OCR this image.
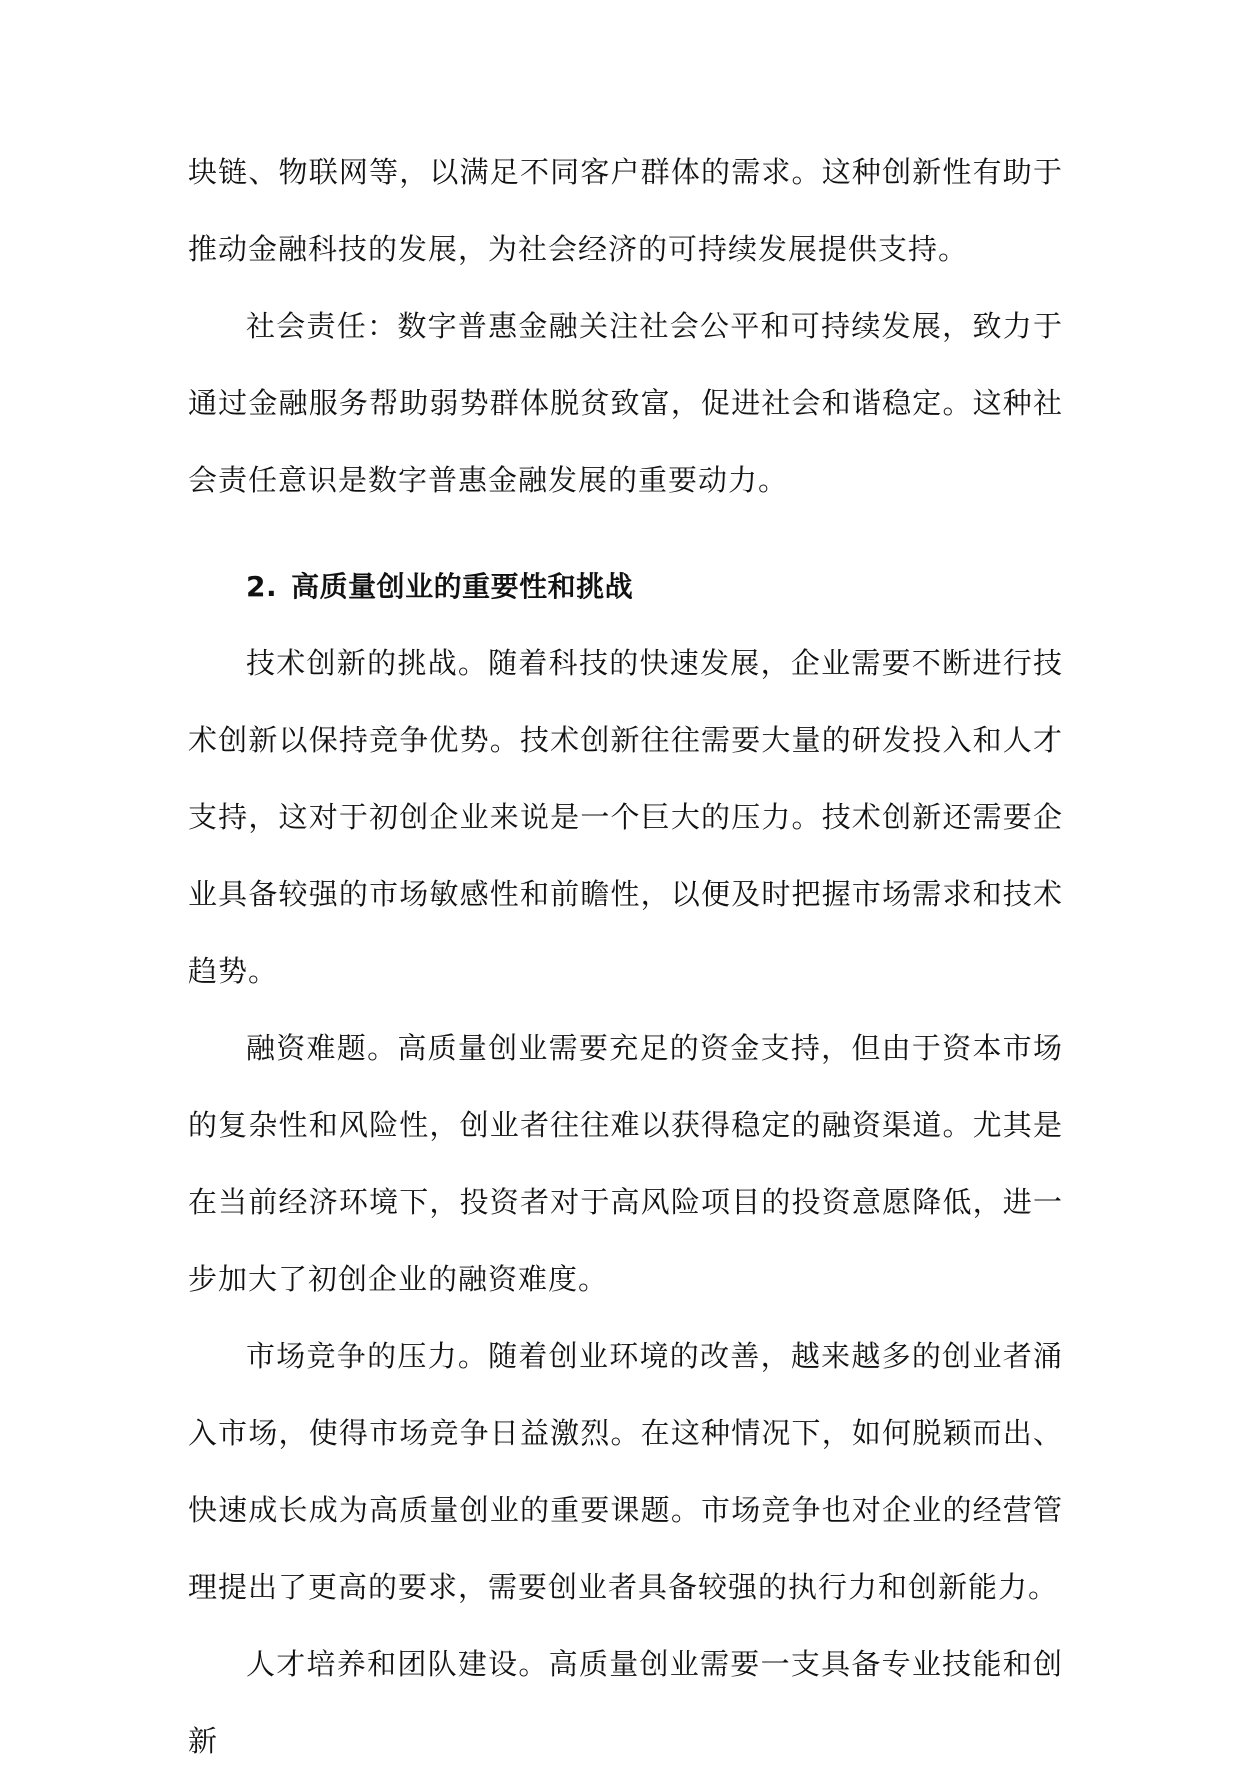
块链、物联网等，以满足不同客户群体的需求。这种创新性有助于推动金融科技的发展，为社会经济的可持续发展提供支持。

社会责任：数字普惠金融关注社会公平和可持续发展，致力于通过金融服务帮助弱势群体脱贫致富，促进社会和谐稳定。这种社会责任意识是数字普惠金融发展的重要动力。

2. 高质量创业的重要性和挑战

技术创新的挑战。随着科技的快速发展，企业需要不断进行技术创新以保持竞争优势。技术创新往往需要大量的研发投入和人才支持，这对于初创企业来说是一个巨大的压力。技术创新还需要企业具备较强的市场敏感性和前瞻性，以便及时把握市场需求和技术趋势。

融资难题。高质量创业需要充足的资金支持，但由于资本市场的复杂性和风险性，创业者往往难以获得稳定的融资渠道。尤其是在当前经济环境下，投资者对于高风险项目的投资意愿降低，进一步加大了初创企业的融资难度。

市场竞争的压力。随着创业环境的改善，越来越多的创业者涌入市场，使得市场竞争日益激烈。在这种情况下，如何脱颖而出、快速成长成为高质量创业的重要课题。市场竞争也对企业的经营管理提出了更高的要求，需要创业者具备较强的执行力和创新能力。

人才培养和团队建设。高质量创业需要一支具备专业技能和创新
